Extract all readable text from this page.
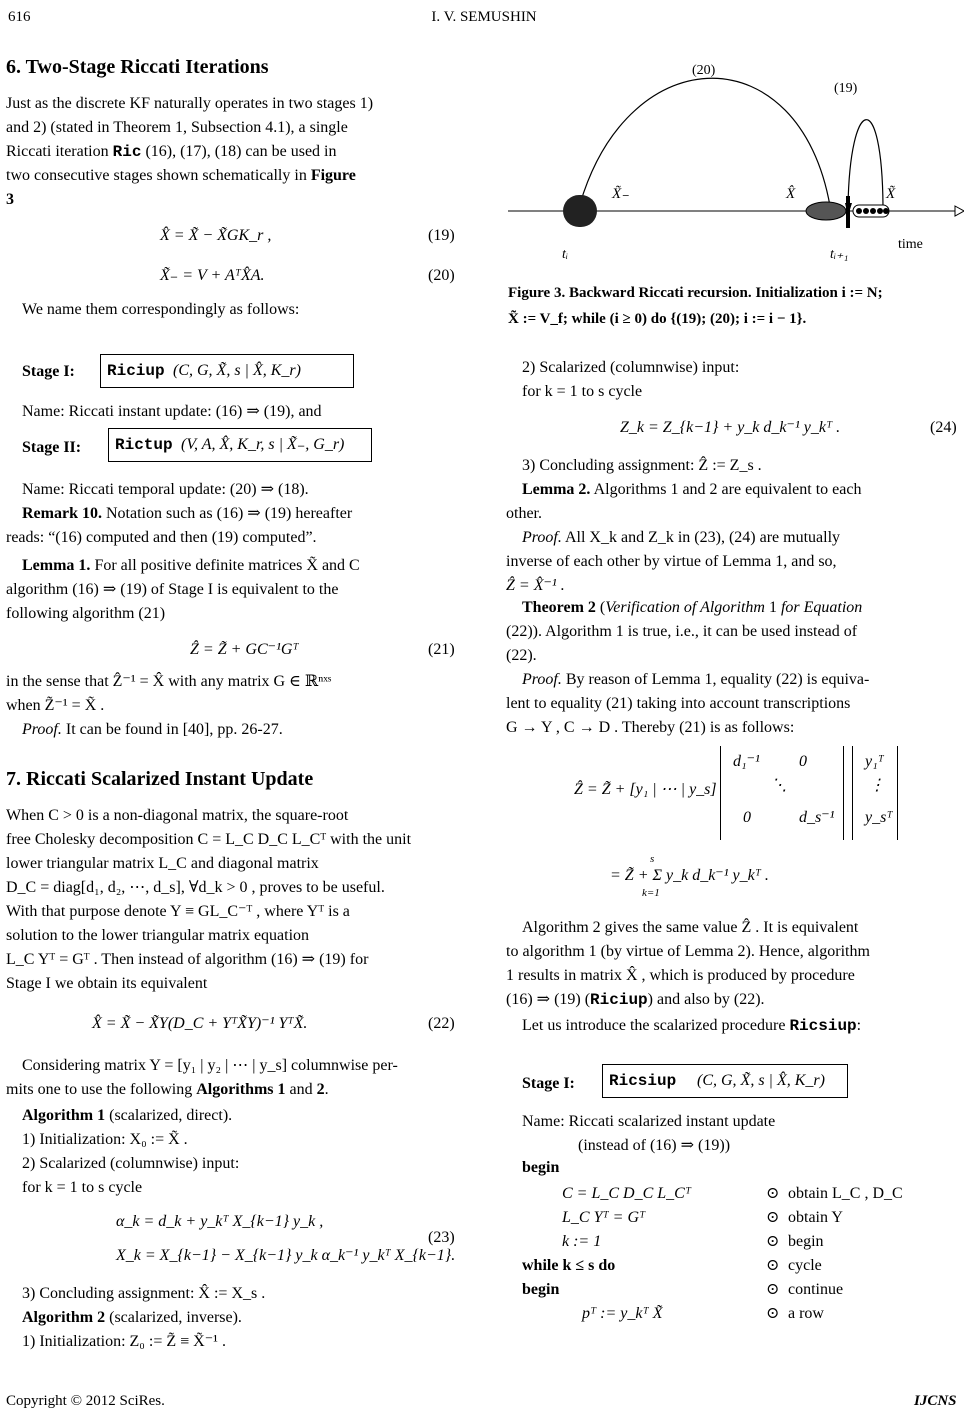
616	I. V. SEMUSHIN
6. Two-Stage Riccati Iterations
Just as the discrete KF naturally operates in two stages 1)
and 2) (stated in Theorem 1, Subsection 4.1), a single
Riccati iteration Ric (16), (17), (18) can be used in
two consecutive stages shown schematically in Figure
3
X̂ = X̃ − X̃GK_r ,	(19)
X̃₋ = V + AᵀX̂A.	(20)
We name them correspondingly as follows:
Stage I: Riciup (C, G, X̃, s | X̂, K_r)
Name: Riccati instant update: (16) ⇒ (19), and
Stage II: Rictup (V, A, X̂, K_r, s | X̃₋, G_r)
Name: Riccati temporal update: (20) ⇒ (18).
Remark 10. Notation such as (16) ⇒ (19) hereafter
reads: “(16) computed and then (19) computed”.
Lemma 1. For all positive definite matrices X̃ and C
algorithm (16) ⇒ (19) of Stage I is equivalent to the
following algorithm (21)
Ẑ = Z̃ + GC⁻¹Gᵀ	(21)
in the sense that Ẑ⁻¹ = X̂ with any matrix G ∈ ℝⁿˣˢ
when Z̃⁻¹ = X̃ .
Proof. It can be found in [40], pp. 26-27.
7. Riccati Scalarized Instant Update
When C > 0 is a non-diagonal matrix, the square-root
free Cholesky decomposition C = L_C D_C L_Cᵀ with the unit
lower triangular matrix L_C and diagonal matrix
D_C = diag[d₁, d₂, ⋯, d_s], ∀d_k > 0 , proves to be useful.
With that purpose denote Y ≡ GL_C⁻ᵀ , where Yᵀ is a
solution to the lower triangular matrix equation
L_C Yᵀ = Gᵀ . Then instead of algorithm (16) ⇒ (19) for
Stage I we obtain its equivalent
X̂ = X̃ − X̃Y(D_C + YᵀX̃Y)⁻¹ YᵀX̃.	(22)
Considering matrix Y = [y₁ | y₂ | ⋯ | y_s] columnwise per-
mits one to use the following Algorithms 1 and 2.
Algorithm 1 (scalarized, direct).
1) Initialization: X₀ := X̃ .
2) Scalarized (columnwise) input:
for k = 1 to s cycle
α_k = d_k + y_kᵀ X_{k−1} y_k ,
X_k = X_{k−1} − X_{k−1} y_k α_k⁻¹ y_kᵀ X_{k−1}.
(23)
3) Concluding assignment: X̂ := X_s .
Algorithm 2 (scalarized, inverse).
1) Initialization: Z₀ := Z̃ ≡ X̃⁻¹ .
(20)
(19)
X̃₋	X̂	X̃
tᵢ	tᵢ₊₁
time
Figure 3. Backward Riccati recursion. Initialization i := N;
X̃ := V_f; while (i ≥ 0) do {(19); (20); i := i − 1}.
2) Scalarized (columnwise) input:
for k = 1 to s cycle
Z_k = Z_{k−1} + y_k d_k⁻¹ y_kᵀ .	(24)
3) Concluding assignment: Ẑ := Z_s .
Lemma 2. Algorithms 1 and 2 are equivalent to each
other.
Proof. All X_k and Z_k in (23), (24) are mutually
inverse of each other by virtue of Lemma 1, and so,
Ẑ = X̂⁻¹ .
Theorem 2 (Verification of Algorithm 1 for Equation
(22)). Algorithm 1 is true, i.e., it can be used instead of
(22).
Proof. By reason of Lemma 1, equality (22) is equiva-
lent to equality (21) taking into account transcriptions
G → Y , C → D . Thereby (21) is as follows:
Ẑ = Z̃ + [y₁ | ⋯ | y_s]
d₁⁻¹ 0
⋱
0	d_s⁻¹
y₁ᵀ
⋮
y_sᵀ
s
= Z̃ + Σ y_k d_k⁻¹ y_kᵀ .
k=1
Algorithm 2 gives the same value Ẑ . It is equivalent
to algorithm 1 (by virtue of Lemma 2). Hence, algorithm
1 results in matrix X̂ , which is produced by procedure
(16) ⇒ (19) (Riciup) and also by (22).
Let us introduce the scalarized procedure Ricsiup:
Stage I: Ricsiup (C, G, X̃, s | X̂, K_r)
Name: Riccati scalarized instant update
(instead of (16) ⇒ (19))
begin
C = L_C D_C L_Cᵀ	⊙ obtain L_C , D_C
L_C Yᵀ = Gᵀ	⊙ obtain Y
k := 1	⊙ begin
while k ≤ s do	⊙ cycle
begin	⊙ continue
pᵀ := y_kᵀ X̃	⊙ a row
Copyright © 2012 SciRes.	IJCNS
